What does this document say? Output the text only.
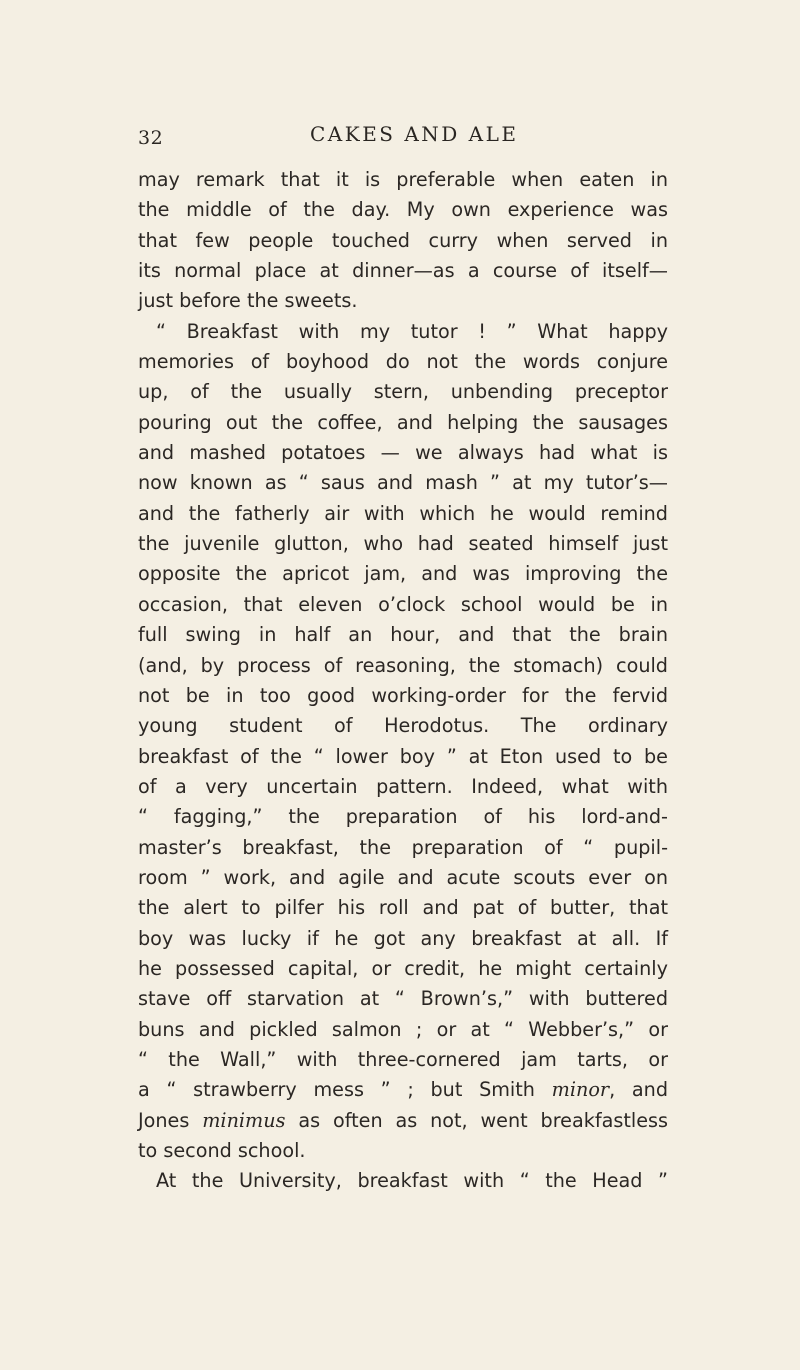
32	CAKES AND ALE
may remark that it is preferable when eaten in
the middle of the day. My own experience was
that few people touched curry when served in
its normal place at dinner—as a course of itself—
just before the sweets.
“ Breakfast with my tutor ! ” What happy
memories of boyhood do not the words conjure
up, of the usually stern, unbending preceptor
pouring out the coffee, and helping the sausages
and mashed potatoes — we always had what is
now known as “ saus and mash ” at my tutor’s—
and the fatherly air with which he would remind
the juvenile glutton, who had seated himself just
opposite the apricot jam, and was improving the
occasion, that eleven o’clock school would be in
full swing in half an hour, and that the brain
(and, by process of reasoning, the stomach) could
not be in too good working-order for the fervid
young student of Herodotus. The ordinary
breakfast of the “ lower boy ” at Eton used to be
of a very uncertain pattern. Indeed, what with
“ fagging,” the preparation of his lord-and-
master’s breakfast, the preparation of “ pupil-
room ” work, and agile and acute scouts ever on
the alert to pilfer his roll and pat of butter, that
boy was lucky if he got any breakfast at all. If
he possessed capital, or credit, he might certainly
stave off starvation at “ Brown’s,” with buttered
buns and pickled salmon ; or at “ Webber’s,” or
“ the Wall,” with three-cornered jam tarts, or
a “ strawberry mess ” ; but Smith minor, and
Jones minimus as often as not, went breakfastless
to second school.
At the University, breakfast with “ the Head ”
